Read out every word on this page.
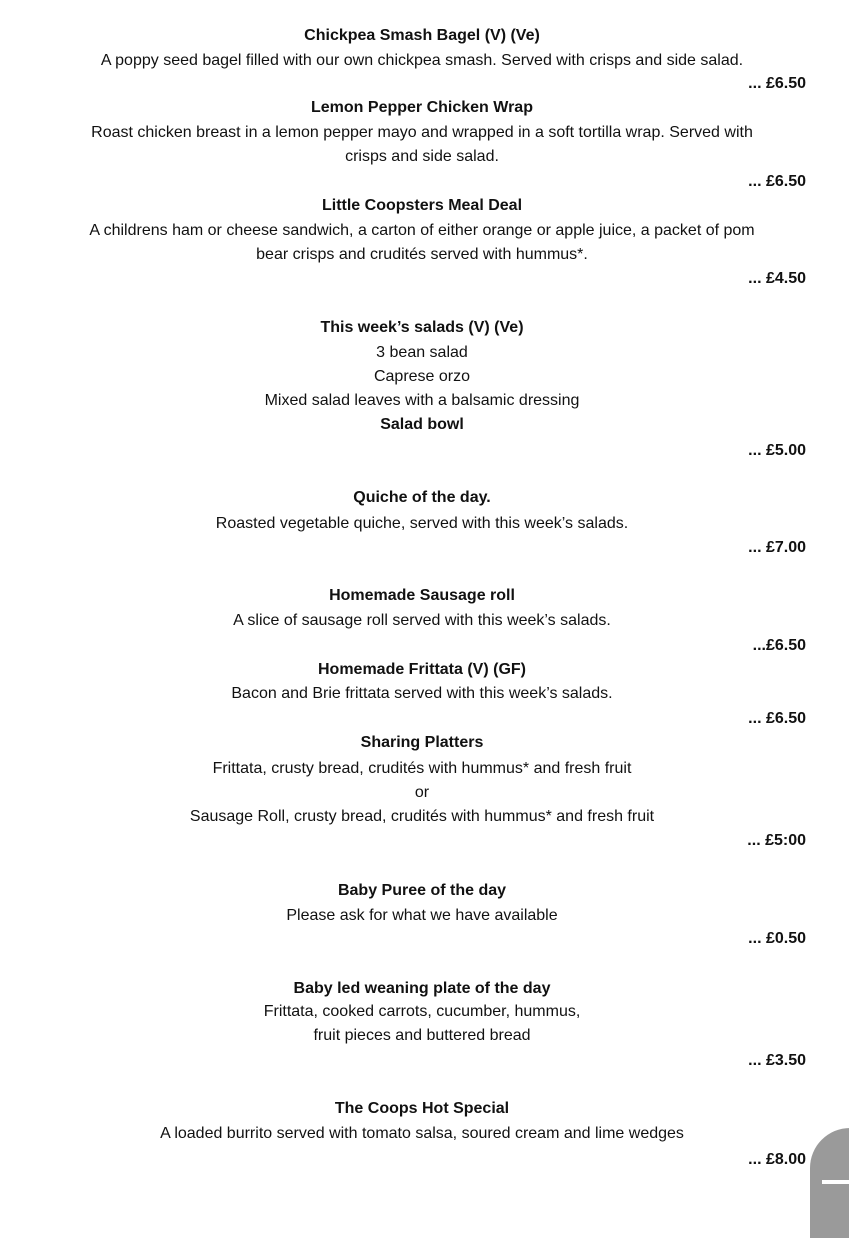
Chickpea Smash Bagel (V) (Ve)
A poppy seed bagel filled with our own chickpea smash. Served with crisps and side salad.
... £6.50
Lemon Pepper Chicken Wrap
Roast chicken breast in a lemon pepper mayo and wrapped in a soft tortilla wrap. Served with
crisps and side salad.
... £6.50
Little Coopsters Meal Deal
A childrens ham or cheese sandwich, a carton of either orange or apple juice, a packet of pom
bear crisps and crudités served with hummus*.
... £4.50
This week’s salads (V) (Ve)
3 bean salad
Caprese orzo
Mixed salad leaves with a balsamic dressing
Salad bowl
... £5.00
Quiche of the day.
Roasted vegetable quiche, served with this week’s salads.
... £7.00
Homemade Sausage roll
A slice of sausage roll served with this week’s salads.
...£6.50
Homemade Frittata (V) (GF)
Bacon and Brie frittata served with this week’s salads.
... £6.50
Sharing Platters
Frittata, crusty bread, crudités with hummus* and fresh fruit
or
Sausage Roll, crusty bread, crudités with hummus* and fresh fruit
... £5:00
Baby Puree of the day
Please ask for what we have available
... £0.50
Baby led weaning plate of the day
Frittata, cooked carrots, cucumber, hummus,
fruit pieces and buttered bread
... £3.50
The Coops Hot Special
A loaded burrito served with tomato salsa, soured cream and lime wedges
... £8.00
